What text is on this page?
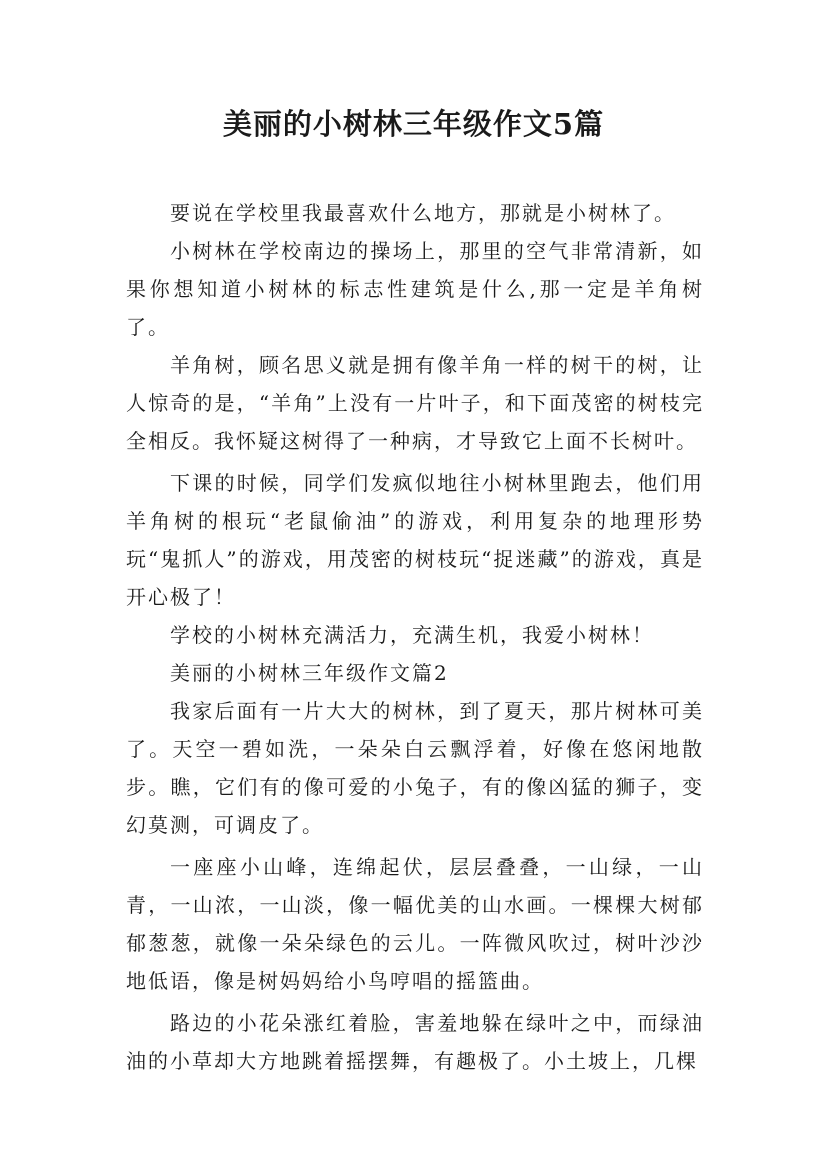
美丽的小树林三年级作文5篇

要说在学校里我最喜欢什么地方，那就是小树林了。

小树林在学校南边的操场上，那里的空气非常清新，如果你想知道小树林的标志性建筑是什么,那一定是羊角树了。

羊角树，顾名思义就是拥有像羊角一样的树干的树，让人惊奇的是，“羊角”上没有一片叶子，和下面茂密的树枝完全相反。我怀疑这树得了一种病，才导致它上面不长树叶。

下课的时候，同学们发疯似地往小树林里跑去，他们用羊角树的根玩“老鼠偷油”的游戏，利用复杂的地理形势玩“鬼抓人”的游戏，用茂密的树枝玩“捉迷藏”的游戏，真是开心极了！

学校的小树林充满活力，充满生机，我爱小树林！

美丽的小树林三年级作文篇2

我家后面有一片大大的树林，到了夏天，那片树林可美了。天空一碧如洗，一朵朵白云飘浮着，好像在悠闲地散步。瞧，它们有的像可爱的小兔子，有的像凶猛的狮子，变幻莫测，可调皮了。

一座座小山峰，连绵起伏，层层叠叠，一山绿，一山青，一山浓，一山淡，像一幅优美的山水画。一棵棵大树郁郁葱葱，就像一朵朵绿色的云儿。一阵微风吹过，树叶沙沙地低语，像是树妈妈给小鸟哼唱的摇篮曲。

路边的小花朵涨红着脸，害羞地躲在绿叶之中，而绿油油的小草却大方地跳着摇摆舞，有趣极了。小土坡上，几棵
